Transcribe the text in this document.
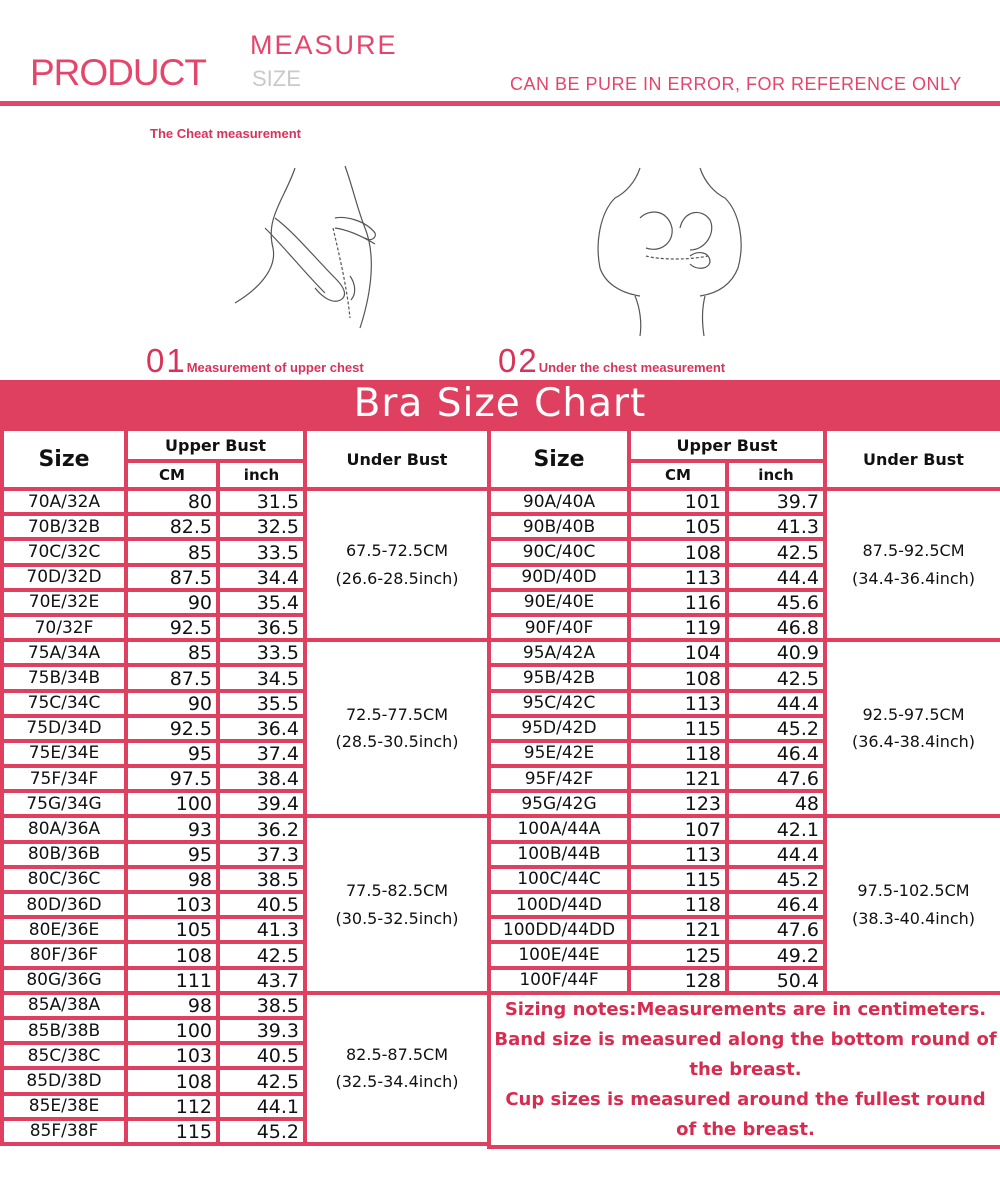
PRODUCT
MEASURE
SIZE	CAN BE PURE IN ERROR, FOR REFERENCE ONLY
The Cheat measurement
01Measurement of upper chest	02Under the chest measurement
Bra Size Chart
Size	Upper Bust		Under Bust
	CM	inch	
70A/32A	80	31.5	67.5-72.5CM
(26.6-28.5inch)

70B/32B	82.5	32.5	
70C/32C	85	33.5	
70D/32D	87.5	34.4	
70E/32E	90	35.4	
70/32F	92.5	36.5	
75A/34A	85	33.5	72.5-77.5CM
(28.5-30.5inch)

75B/34B	87.5	34.5	
75C/34C	90	35.5	
75D/34D	92.5	36.4	
75E/34E	95	37.4	
75F/34F	97.5	38.4	
75G/34G	100	39.4	
80A/36A	93	36.2	77.5-82.5CM
(30.5-32.5inch)

80B/36B	95	37.3	
80C/36C	98	38.5	
80D/36D	103	40.5	
80E/36E	105	41.3	
80F/36F	108	42.5	
80G/36G	111	43.7	
85A/38A	98	38.5	82.5-87.5CM
(32.5-34.4inch)

85B/38B	100	39.3	
85C/38C	103	40.5	
85D/38D	108	42.5	
85E/38E	112	44.1	
85F/38F	115	45.2	
Size	Upper Bust		Under Bust
	CM	inch	
90A/40A	101	39.7	87.5-92.5CM
(34.4-36.4inch)

90B/40B	105	41.3	
90C/40C	108	42.5	
90D/40D	113	44.4	
90E/40E	116	45.6	
90F/40F	119	46.8	
95A/42A	104	40.9	92.5-97.5CM
(36.4-38.4inch)

95B/42B	108	42.5	
95C/42C	113	44.4	
95D/42D	115	45.2	
95E/42E	118	46.4	
95F/42F	121	47.6	
95G/42G	123	48	
100A/44A	107	42.1	97.5-102.5CM
(38.3-40.4inch)

100B/44B	113	44.4	
100C/44C	115	45.2	
100D/44D	118	46.4	
100DD/44DD	121	47.6	
100E/44E	125	49.2	
100F/44F	128	50.4	

Sizing notes:Measurements are in centimeters.
Band size is measured along the bottom round of the breast.
Cup sizes is measured around the fullest round of the breast.			
